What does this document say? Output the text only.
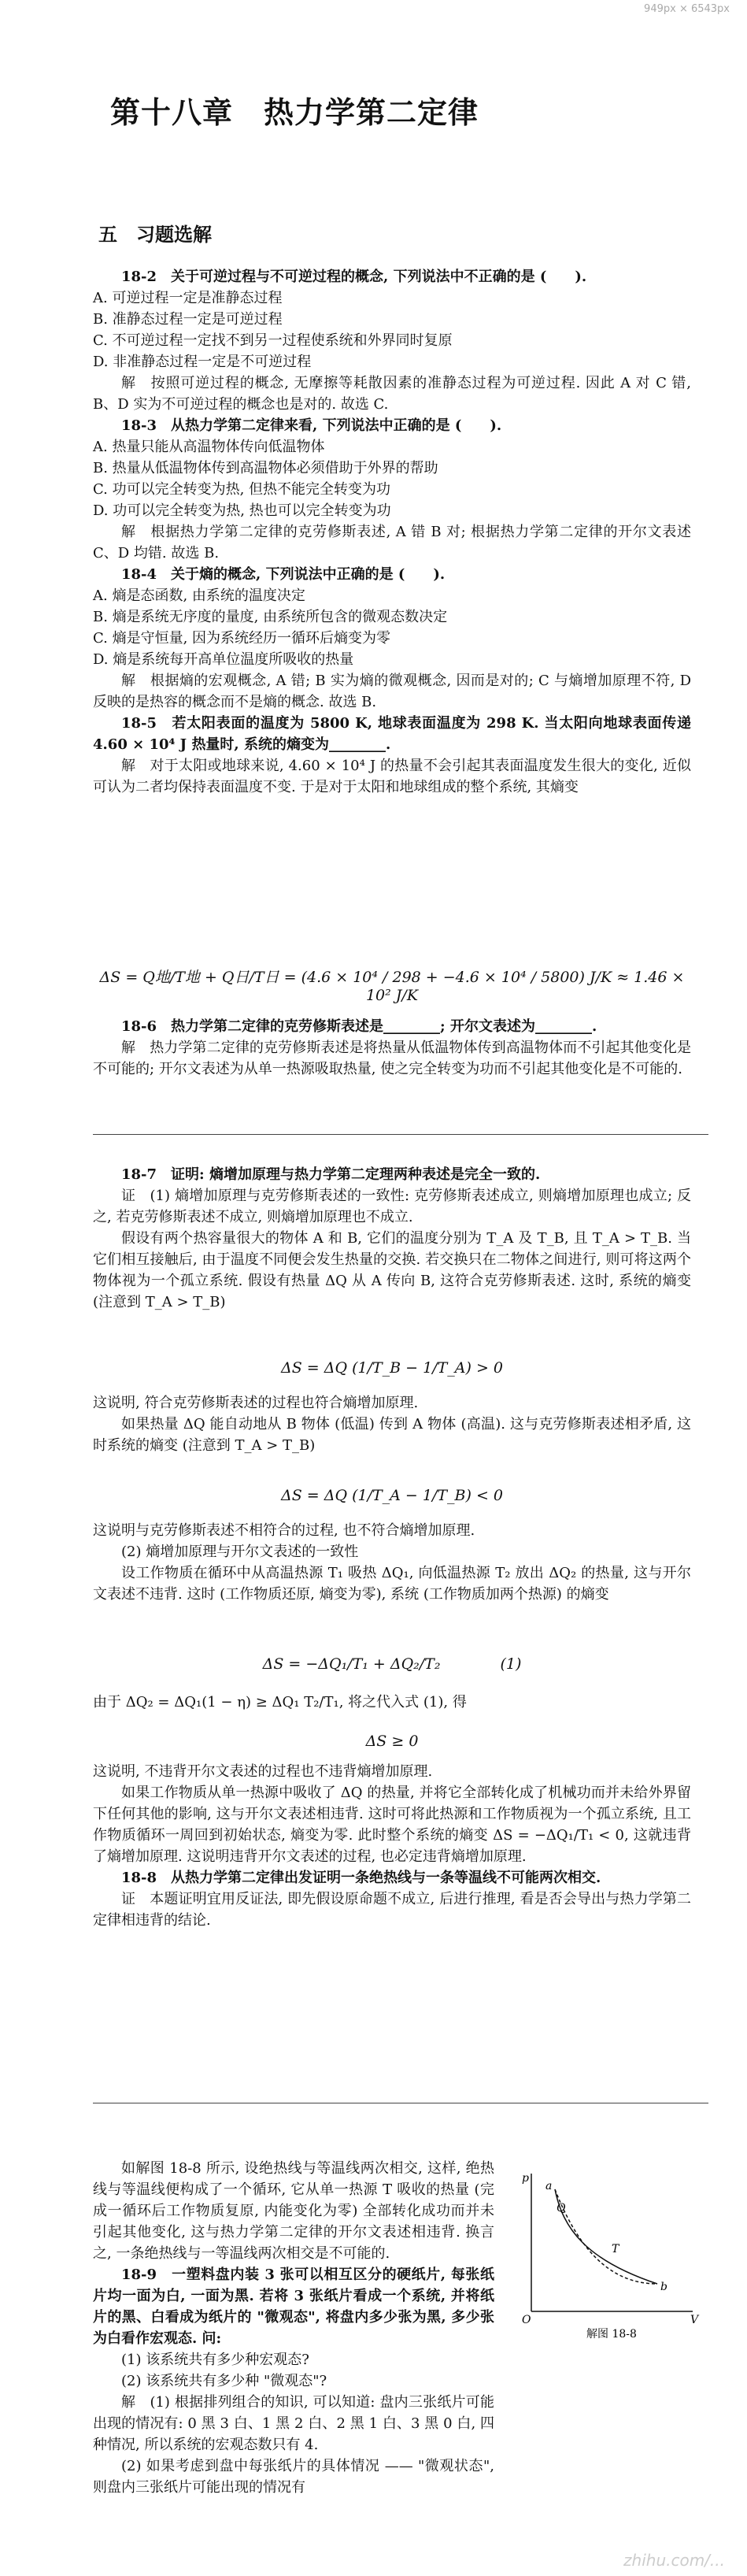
949px × 6543px
第十八章　热力学第二定律
五　习题选解

18-2　关于可逆过程与不可逆过程的概念, 下列说法中不正确的是 (　　).

A. 可逆过程一定是准静态过程

B. 准静态过程一定是可逆过程

C. 不可逆过程一定找不到另一过程使系统和外界同时复原

D. 非准静态过程一定是不可逆过程

解　按照可逆过程的概念, 无摩擦等耗散因素的准静态过程为可逆过程. 因此 A 对 C 错, B、D 实为不可逆过程的概念也是对的. 故选 C.

18-3　从热力学第二定律来看, 下列说法中正确的是 (　　).

A. 热量只能从高温物体传向低温物体

B. 热量从低温物体传到高温物体必须借助于外界的帮助

C. 功可以完全转变为热, 但热不能完全转变为功

D. 功可以完全转变为热, 热也可以完全转变为功

解　根据热力学第二定律的克劳修斯表述, A 错 B 对; 根据热力学第二定律的开尔文表述 C、D 均错. 故选 B.

18-4　关于熵的概念, 下列说法中正确的是 (　　).

A. 熵是态函数, 由系统的温度决定

B. 熵是系统无序度的量度, 由系统所包含的微观态数决定

C. 熵是守恒量, 因为系统经历一循环后熵变为零

D. 熵是系统每开高单位温度所吸收的热量

解　根据熵的宏观概念, A 错; B 实为熵的微观概念, 因而是对的; C 与熵增加原理不符, D 反映的是热容的概念而不是熵的概念. 故选 B.

18-5　若太阳表面的温度为 5800 K, 地球表面温度为 298 K. 当太阳向地球表面传递 4.60 × 10⁴ J 热量时, 系统的熵变为________.

解　对于太阳或地球来说, 4.60 × 10⁴ J 的热量不会引起其表面温度发生很大的变化, 近似可认为二者均保持表面温度不变. 于是对于太阳和地球组成的整个系统, 其熵变

ΔS = Q地/T地 + Q日/T日 = (4.6 × 10⁴ / 298 + −4.6 × 10⁴ / 5800) J/K ≈ 1.46 × 10² J/K

18-6　热力学第二定律的克劳修斯表述是________; 开尔文表述为________.

解　热力学第二定律的克劳修斯表述是将热量从低温物体传到高温物体而不引起其他变化是不可能的; 开尔文表述为从单一热源吸取热量, 使之完全转变为功而不引起其他变化是不可能的.

18-7　证明: 熵增加原理与热力学第二定理两种表述是完全一致的.

证　(1) 熵增加原理与克劳修斯表述的一致性: 克劳修斯表述成立, 则熵增加原理也成立; 反之, 若克劳修斯表述不成立, 则熵增加原理也不成立.

假设有两个热容量很大的物体 A 和 B, 它们的温度分别为 T_A 及 T_B, 且 T_A > T_B. 当它们相互接触后, 由于温度不同便会发生热量的交换. 若交换只在二物体之间进行, 则可将这两个物体视为一个孤立系统. 假设有热量 ΔQ 从 A 传向 B, 这符合克劳修斯表述. 这时, 系统的熵变 (注意到 T_A > T_B)

ΔS = ΔQ (1/T_B − 1/T_A) > 0

这说明, 符合克劳修斯表述的过程也符合熵增加原理.

如果热量 ΔQ 能自动地从 B 物体 (低温) 传到 A 物体 (高温). 这与克劳修斯表述相矛盾, 这时系统的熵变 (注意到 T_A > T_B)

ΔS = ΔQ (1/T_A − 1/T_B) < 0

这说明与克劳修斯表述不相符合的过程, 也不符合熵增加原理.

(2) 熵增加原理与开尔文表述的一致性

设工作物质在循环中从高温热源 T₁ 吸热 ΔQ₁, 向低温热源 T₂ 放出 ΔQ₂ 的热量, 这与开尔文表述不违背. 这时 (工作物质还原, 熵变为零), 系统 (工作物质加两个热源) 的熵变

ΔS = −ΔQ₁/T₁ + ΔQ₂/T₂　　　　(1)

由于 ΔQ₂ = ΔQ₁(1 − η) ≥ ΔQ₁ T₂/T₁, 将之代入式 (1), 得

ΔS ≥ 0

这说明, 不违背开尔文表述的过程也不违背熵增加原理.

如果工作物质从单一热源中吸收了 ΔQ 的热量, 并将它全部转化成了机械功而并未给外界留下任何其他的影响, 这与开尔文表述相违背. 这时可将此热源和工作物质视为一个孤立系统, 且工作物质循环一周回到初始状态, 熵变为零. 此时整个系统的熵变 ΔS = −ΔQ₁/T₁ < 0, 这就违背了熵增加原理. 这说明违背开尔文表述的过程, 也必定违背熵增加原理.

18-8　从热力学第二定律出发证明一条绝热线与一条等温线不可能两次相交.

证　本题证明宜用反证法, 即先假设原命题不成立, 后进行推理, 看是否会导出与热力学第二定律相违背的结论.

如解图 18-8 所示, 设绝热线与等温线两次相交, 这样, 绝热线与等温线便构成了一个循环, 它从单一热源 T 吸收的热量 (完成一循环后工作物质复原, 内能变化为零) 全部转化成功而并未引起其他变化, 这与热力学第二定律的开尔文表述相违背. 换言之, 一条绝热线与一等温线两次相交是不可能的.

18-9　一塑料盘内装 3 张可以相互区分的硬纸片, 每张纸片均一面为白, 一面为黑. 若将 3 张纸片看成一个系统, 并将纸片的黑、白看成为纸片的 "微观态", 将盘内多少张为黑, 多少张为白看作宏观态. 问:

(1) 该系统共有多少种宏观态?

(2) 该系统共有多少种 "微观态"?

解　(1) 根据排列组合的知识, 可以知道: 盘内三张纸片可能出现的情况有: 0 黑 3 白、1 黑 2 白、2 黑 1 白、3 黑 0 白, 四种情况, 所以系统的宏观态数只有 4.

(2) 如果考虑到盘中每张纸片的具体情况 —— "微观状态", 则盘内三张纸片可能出现的情况有

p
V
O
a
b
T
Q
解图 18-8
zhihu.com/...
